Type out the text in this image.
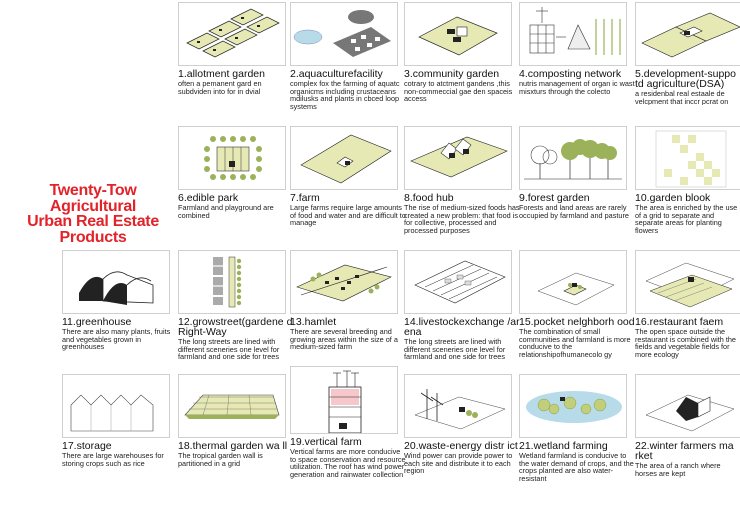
Twenty-Tow
Agricultural
Urban Real Estate
Products
1.allotment garden
often a pemanent gard en subdviden into for in dvial
2.aquaculturefacility
complex fox the farming of aquatc organicms including crustaceans mdilusks and plants in cbced loop systems
3.community garden
cotrary to atctment gandens ,this non-commeccial gae den spaceis access
4.composting network
nutris management of organ ic wast misxturs through the colecto
5.development-suppo td agriculture(DSA)
a residenbal real estaale de velcpment that inccr pcrat on
6.edible park
Farmland and playground are combined
7.farm
Large farms require large amounts of food and water and are difficult to manage
8.food hub
The rise of medium-sized foods has created a new problem: that food is for collective, processed and processed purposes
9.forest garden
Forests and land areas are rarely occupied by farmland and pasture
10.garden blook
The area is enriched by the use of a grid to separate and separate areas for planting flowers
11.greenhouse
There are also many plants, fruits and vegetables grown in greenhouses
12.growstreet(gardene dRight-Way
The long streets are lined with different sceneries one level for farmland and one side for trees
13.hamlet
There are several breeding and growing areas within the size of a medium-sized farm
14.livestockexchange /ar ena
The long streets are lined with different sceneries one level for farmland and one side for trees
15.pocket nelghborh ood
The combination of small communities and farmland is more conducive to the relationshipofhumanecolo gy
16.restaurant faem
The open space outside the restaurant is combined with the fields and vegetable fields for more ecology
17.storage
There are large warehouses for storing crops such as rice
18.thermal garden wa ll
The tropical garden wall is partitioned in a grid
19.vertical farm
Vertical farms are more conducive to space conservation and resource utilization. The roof has wind power generation and rainwater collection
20.waste-energy distr ict
Wind power can provide power to each site and distribute it to each region
21.wetland farming
Wetland farmland is conducive to the water demand of crops, and the crops planted are also water-resistant
22.winter farmers ma rket
The area of a ranch where horses are kept
